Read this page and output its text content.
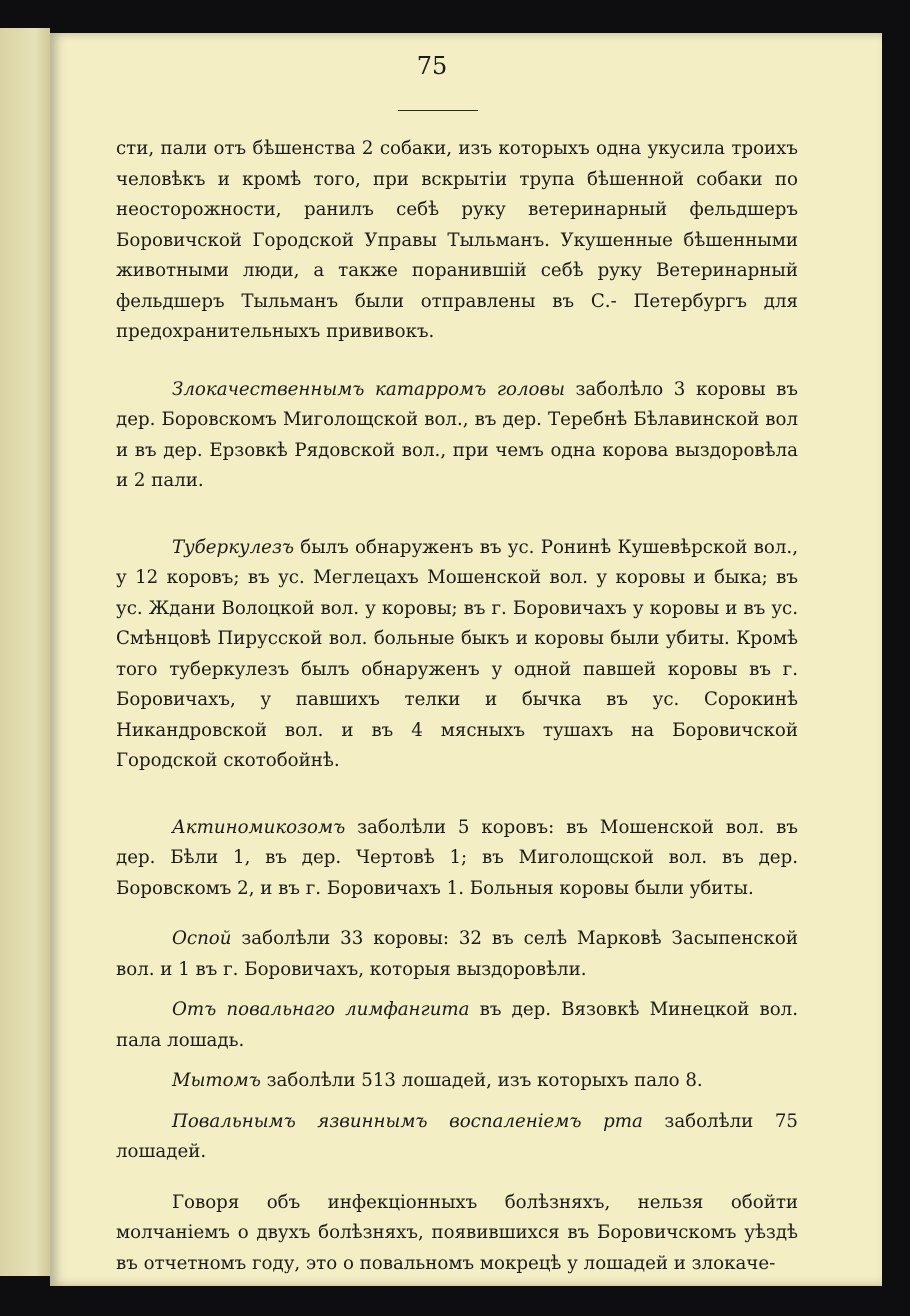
75

сти, пали отъ бѣшенства 2 собаки, изъ которыхъ одна укусила троихъ человѣкъ и кромѣ того, при вскрытіи трупа бѣшенной собаки по неосторожности, ранилъ себѣ руку ветеринарный фельдшеръ Боровичской Городской Управы Тыльманъ. Укушенные бѣшенными животными люди, а также поранившій себѣ руку Ветеринарный фельдшеръ Тыльманъ были отправлены въ С.- Петербургъ для предохранительныхъ прививокъ.

Злокачественнымъ катарромъ головы заболѣло 3 коровы въ дер. Боровскомъ Миголощской вол., въ дер. Теребнѣ Бѣлавинской вол и въ дер. Ерзовкѣ Рядовской вол., при чемъ одна корова выздоровѣла и 2 пали.

Туберкулезъ былъ обнаруженъ въ ус. Ронинѣ Кушевѣрской вол., у 12 коровъ; въ ус. Меглецахъ Мошенской вол. у коровы и быка; въ ус. Ждани Волоцкой вол. у коровы; въ г. Боровичахъ у коровы и въ ус. Смѣнцовѣ Пирусской вол. больные быкъ и коровы были убиты. Кромѣ того туберкулезъ былъ обнаруженъ у одной павшей коровы въ г. Боровичахъ, у павшихъ телки и бычка въ ус. Сорокинѣ Никандровской вол. и въ 4 мясныхъ тушахъ на Боровичской Городской скотобойнѣ.

Актиномикозомъ заболѣли 5 коровъ: въ Мошенской вол. въ дер. Бѣли 1, въ дер. Чертовѣ 1; въ Миголощской вол. въ дер. Боровскомъ 2, и въ г. Боровичахъ 1. Больныя коровы были убиты.

Оспой заболѣли 33 коровы: 32 въ селѣ Марковѣ Засыпенской вол. и 1 въ г. Боровичахъ, которыя выздоровѣли.

Отъ повальнаго лимфангита въ дер. Вязовкѣ Минецкой вол. пала лошадь.

Мытомъ заболѣли 513 лошадей, изъ которыхъ пало 8.

Повальнымъ язвиннымъ воспаленіемъ рта заболѣли 75 лошадей.

Говоря объ инфекціонныхъ болѣзняхъ, нельзя обойти молчаніемъ о двухъ болѣзняхъ, появившихся въ Боровичскомъ уѣздѣ въ отчетномъ году, это о повальномъ мокрецѣ у лошадей и злокаче-
